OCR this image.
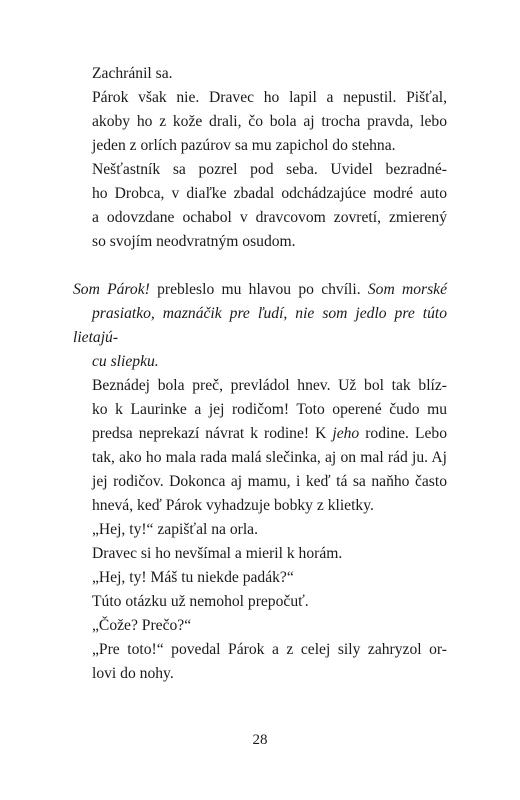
Zachránil sa.
Párok však nie. Dravec ho lapil a nepustil. Pišťal,
akoby ho z kože drali, čo bola aj trocha pravda, lebo
jeden z orlích pazúrov sa mu zapichol do stehna.
Nešťastník sa pozrel pod seba. Uvidel bezradné-
ho Drobca, v diaľke zbadal odchádzajúce modré auto
a odovzdane ochabol v dravcovom zovretí, zmierený
so svojím neodvratným osudom.
Som Párok! prebleslo mu hlavou po chvíli. Som morské
prasiatko, maznáčik pre ľudí, nie som jedlo pre túto lietajú-
cu sliepku.
Beznádej bola preč, prevládol hnev. Už bol tak blíz-
ko k Laurinke a jej rodičom! Toto operené čudo mu
predsa neprekazí návrat k rodine! K jeho rodine. Lebo
tak, ako ho mala rada malá slečinka, aj on mal rád ju. Aj
jej rodičov. Dokonca aj mamu, i keď tá sa naňho často
hnevá, keď Párok vyhadzuje bobky z klietky.
„Hej, ty!“ zapišťal na orla.
Dravec si ho nevšímal a mieril k horám.
„Hej, ty! Máš tu niekde padák?“
Túto otázku už nemohol prepočuť.
„Čože? Prečo?“
„Pre toto!“ povedal Párok a z celej sily zahryzol or-
lovi do nohy.
28
